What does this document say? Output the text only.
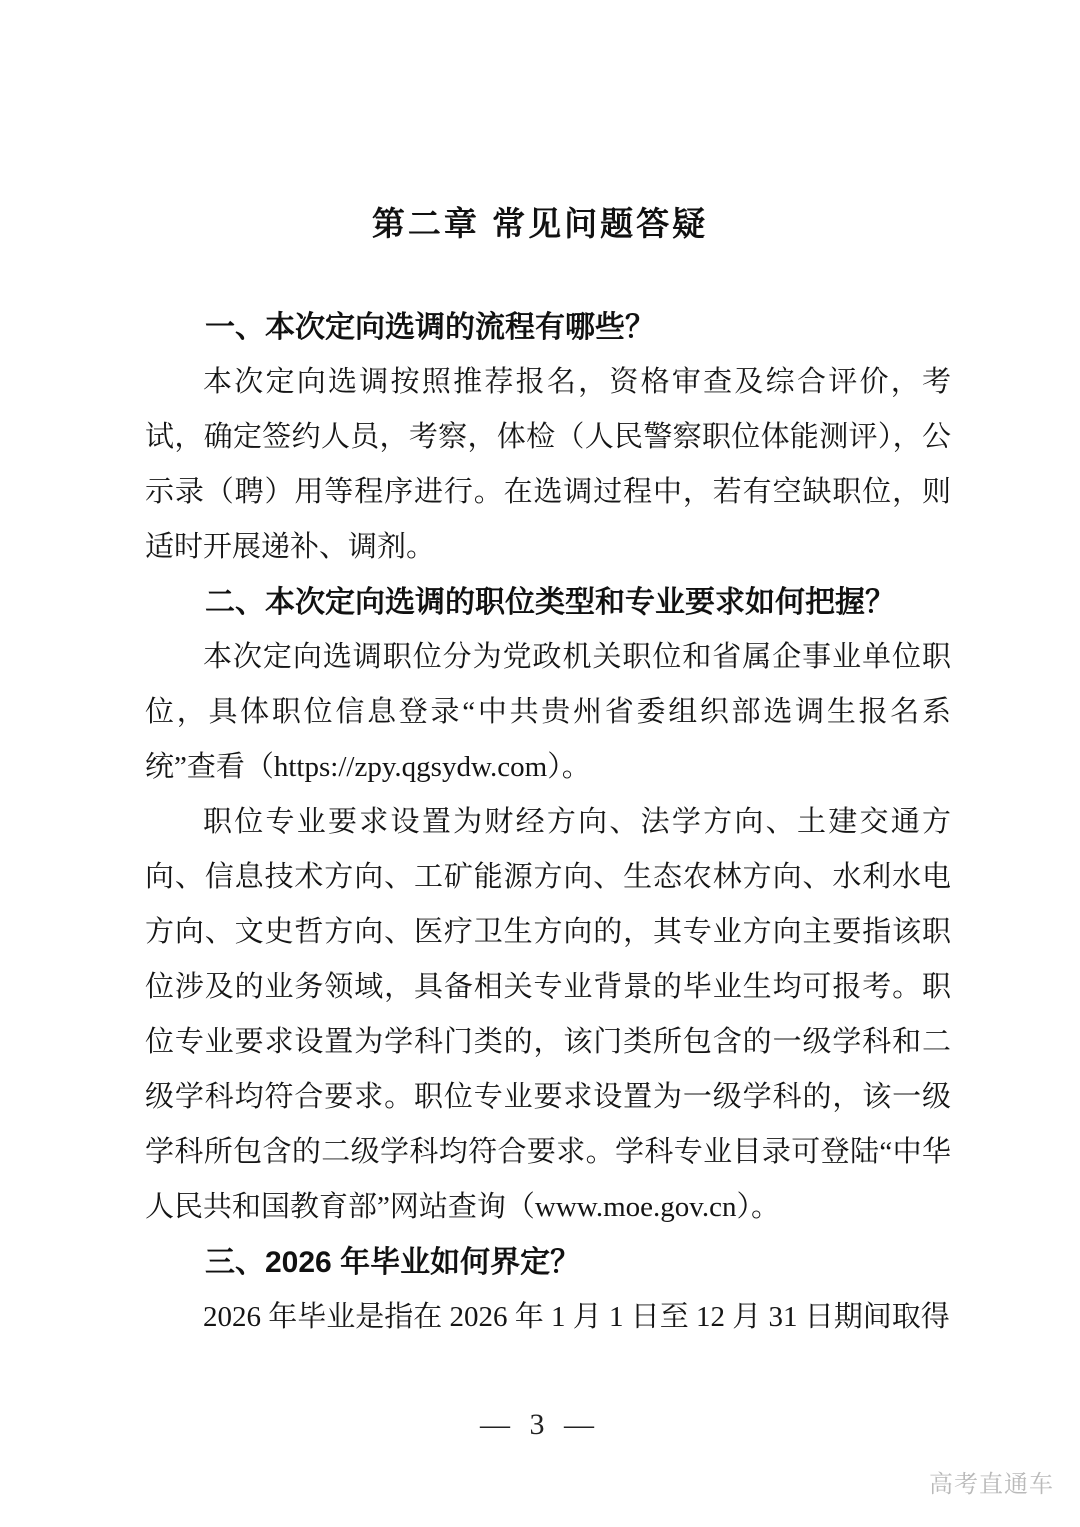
第二章 常见问题答疑
一、本次定向选调的流程有哪些？

本次定向选调按照推荐报名，资格审查及综合评价，考试，确定签约人员，考察，体检（人民警察职位体能测评），公示录（聘）用等程序进行。在选调过程中，若有空缺职位，则适时开展递补、调剂。

二、本次定向选调的职位类型和专业要求如何把握？

本次定向选调职位分为党政机关职位和省属企事业单位职位，具体职位信息登录“中共贵州省委组织部选调生报名系统”查看（https://zpy.qgsydw.com）。

职位专业要求设置为财经方向、法学方向、土建交通方向、信息技术方向、工矿能源方向、生态农林方向、水利水电方向、文史哲方向、医疗卫生方向的，其专业方向主要指该职位涉及的业务领域，具备相关专业背景的毕业生均可报考。职位专业要求设置为学科门类的，该门类所包含的一级学科和二级学科均符合要求。职位专业要求设置为一级学科的，该一级学科所包含的二级学科均符合要求。学科专业目录可登陆“中华人民共和国教育部”网站查询（www.moe.gov.cn）。

三、2026 年毕业如何界定？

2026 年毕业是指在 2026 年 1 月 1 日至 12 月 31 日期间取得

— 3 —
高考直通车
